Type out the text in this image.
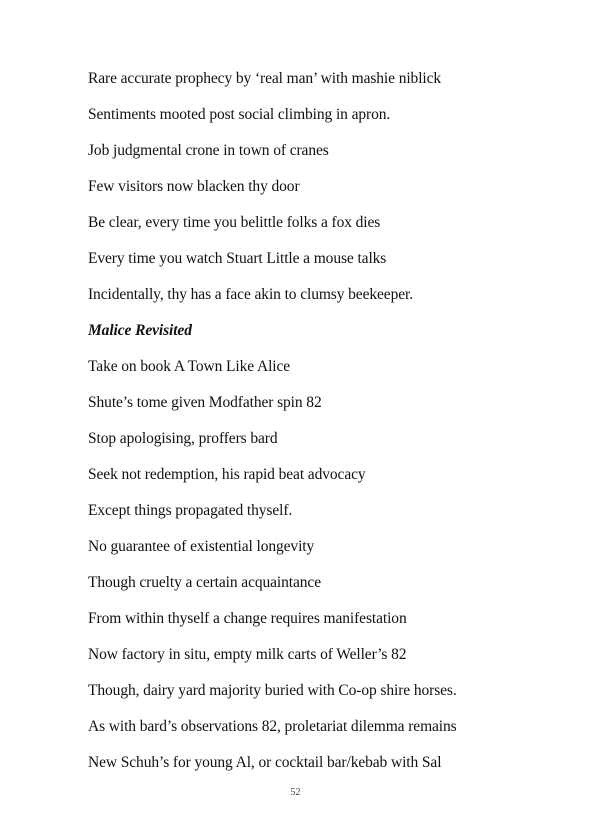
Rare accurate prophecy by ‘real man’ with mashie niblick
Sentiments mooted post social climbing in apron.
Job judgmental crone in town of cranes
Few visitors now blacken thy door
Be clear, every time you belittle folks a fox dies
Every time you watch Stuart Little a mouse talks
Incidentally, thy has a face akin to clumsy beekeeper.
Malice Revisited
Take on book A Town Like Alice
Shute’s tome given Modfather spin 82
Stop apologising, proffers bard
Seek not redemption, his rapid beat advocacy
Except things propagated thyself.
No guarantee of existential longevity
Though cruelty a certain acquaintance
From within thyself a change requires manifestation
Now factory in situ, empty milk carts of Weller’s 82
Though, dairy yard majority buried with Co-op shire horses.
As with bard’s observations 82, proletariat dilemma remains
New Schuh’s for young Al, or cocktail bar/kebab with Sal
52
